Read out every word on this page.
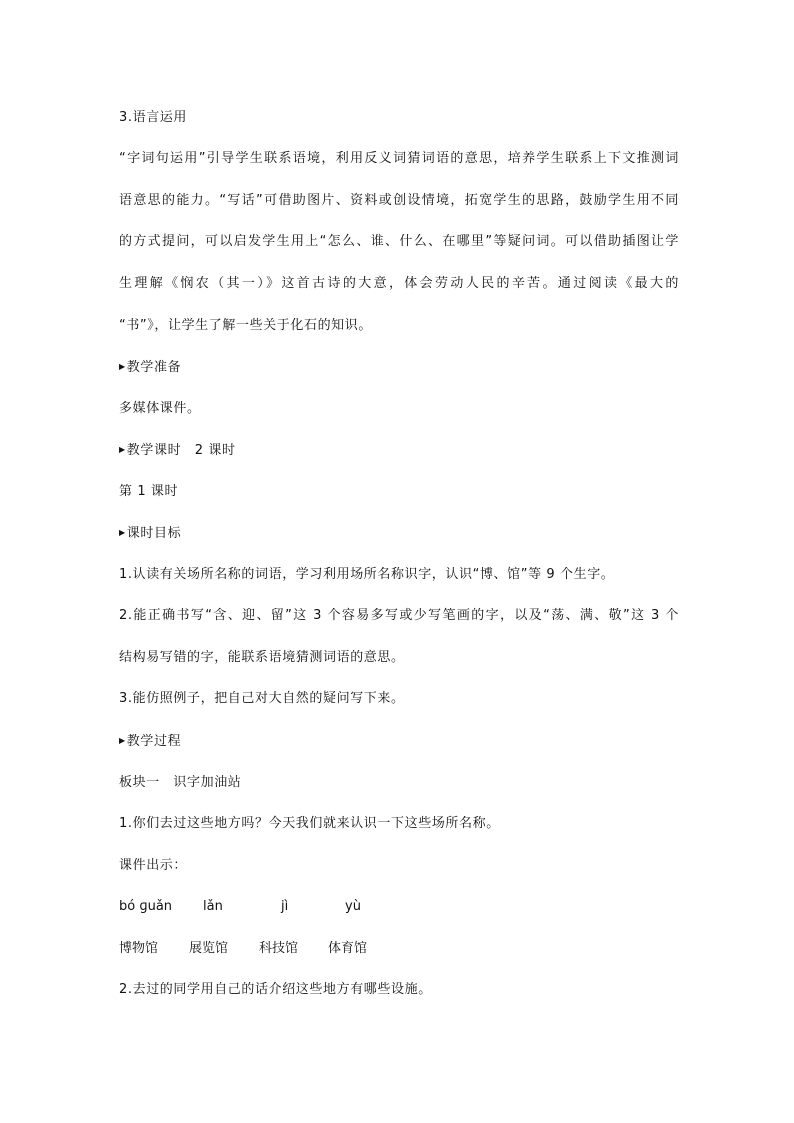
3.语言运用
“字词句运用”引导学生联系语境，利用反义词猜词语的意思，培养学生联系上下文推测词
语意思的能力。“写话”可借助图片、资料或创设情境，拓宽学生的思路，鼓励学生用不同
的方式提问，可以启发学生用上“怎么、谁、什么、在哪里”等疑问词。可以借助插图让学
生理解《悯农（其一）》这首古诗的大意，体会劳动人民的辛苦。通过阅读《最大的
“书”》，让学生了解一些关于化石的知识。
▶教学准备
多媒体课件。
▶教学课时　2 课时
第 1 课时
▶课时目标
1.认读有关场所名称的词语，学习利用场所名称识字，认识“博、馆”等 9 个生字。
2.能正确书写“含、迎、留”这 3 个容易多写或少写笔画的字，以及“荡、满、敬”这 3 个
结构易写错的字，能联系语境猜测词语的意思。
3.能仿照例子，把自己对大自然的疑问写下来。
▶教学过程
板块一　识字加油站
1.你们去过这些地方吗？今天我们就来认识一下这些场所名称。
课件出示：
bó ɡuǎn lǎn	jì	yù
博物馆 展览馆 科技馆 体育馆
2.去过的同学用自己的话介绍这些地方有哪些设施。
